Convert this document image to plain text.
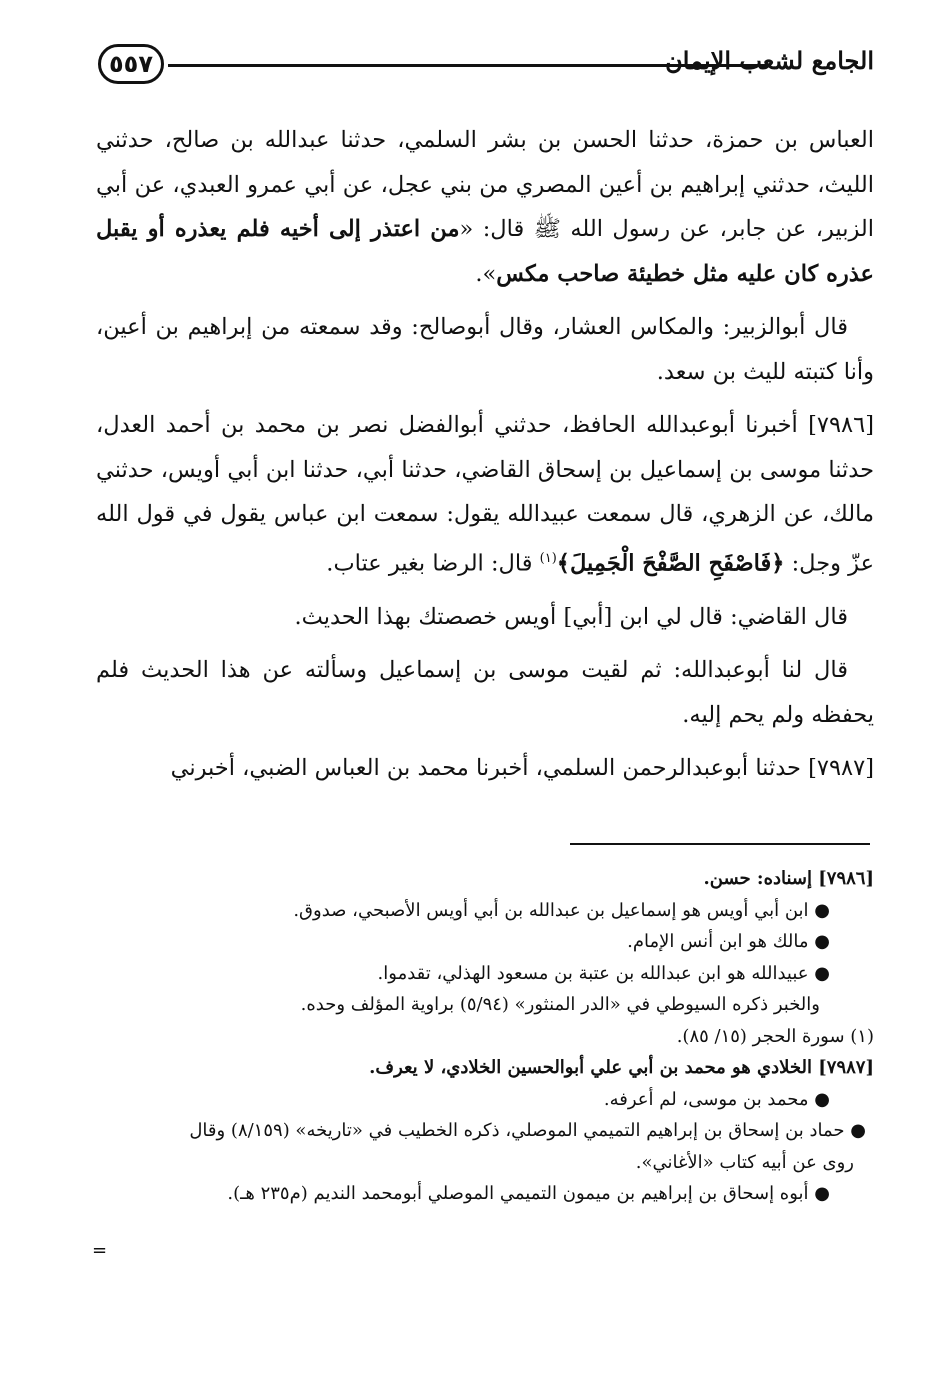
٥٥٧	الجامع لشعب الإيمان

العباس بن حمزة، حدثنا الحسن بن بشر السلمي، حدثنا عبدالله بن صالح، حدثني الليث، حدثني إبراهيم بن أعين المصري من بني عجل، عن أبي عمرو العبدي، عن أبي الزبير، عن جابر، عن رسول الله ﷺ قال: «من اعتذر إلى أخيه فلم يعذره أو يقبل عذره كان عليه مثل خطيئة صاحب مكس».

قال أبوالزبير: والمكاس العشار، وقال أبوصالح: وقد سمعته من إبراهيم بن أعين، وأنا كتبته لليث بن سعد.

[٧٩٨٦] أخبرنا أبوعبدالله الحافظ، حدثني أبوالفضل نصر بن محمد بن أحمد العدل، حدثنا موسى بن إسماعيل بن إسحاق القاضي، حدثنا أبي، حدثنا ابن أبي أويس، حدثني مالك، عن الزهري، قال سمعت عبيدالله يقول: سمعت ابن عباس يقول في قول الله عزّ وجل: ﴿فَاصْفَحِ الصَّفْحَ الْجَمِيلَ﴾$^{(١)}$ قال: الرضا بغير عتاب.

قال القاضي: قال لي ابن [أبي] أويس خصصتك بهذا الحديث.

قال لنا أبوعبدالله: ثم لقيت موسى بن إسماعيل وسألته عن هذا الحديث فلم يحفظه ولم يحم إليه.

[٧٩٨٧] حدثنا أبوعبدالرحمن السلمي، أخبرنا محمد بن العباس الضبي، أخبرني

[٧٩٨٦] إسناده: حسن.

● ابن أبي أويس هو إسماعيل بن عبدالله بن أبي أويس الأصبحي، صدوق.

● مالك هو ابن أنس الإمام.

● عبيدالله هو ابن عبدالله بن عتبة بن مسعود الهذلي، تقدموا.

والخبر ذكره السيوطي في «الدر المنثور» (٥/٩٤) براوية المؤلف وحده.

(١) سورة الحجر (١٥/ ٨٥).

[٧٩٨٧] الخلادي هو محمد بن أبي علي أبوالحسين الخلادي، لا يعرف.

● محمد بن موسى، لم أعرفه.

● حماد بن إسحاق بن إبراهيم التميمي الموصلي، ذكره الخطيب في «تاريخه» (٨/١٥٩) وقال

روى عن أبيه كتاب «الأغاني».

● أبوه إسحاق بن إبراهيم بن ميمون التميمي الموصلي أبومحمد النديم (م٢٣٥ هـ).

=
